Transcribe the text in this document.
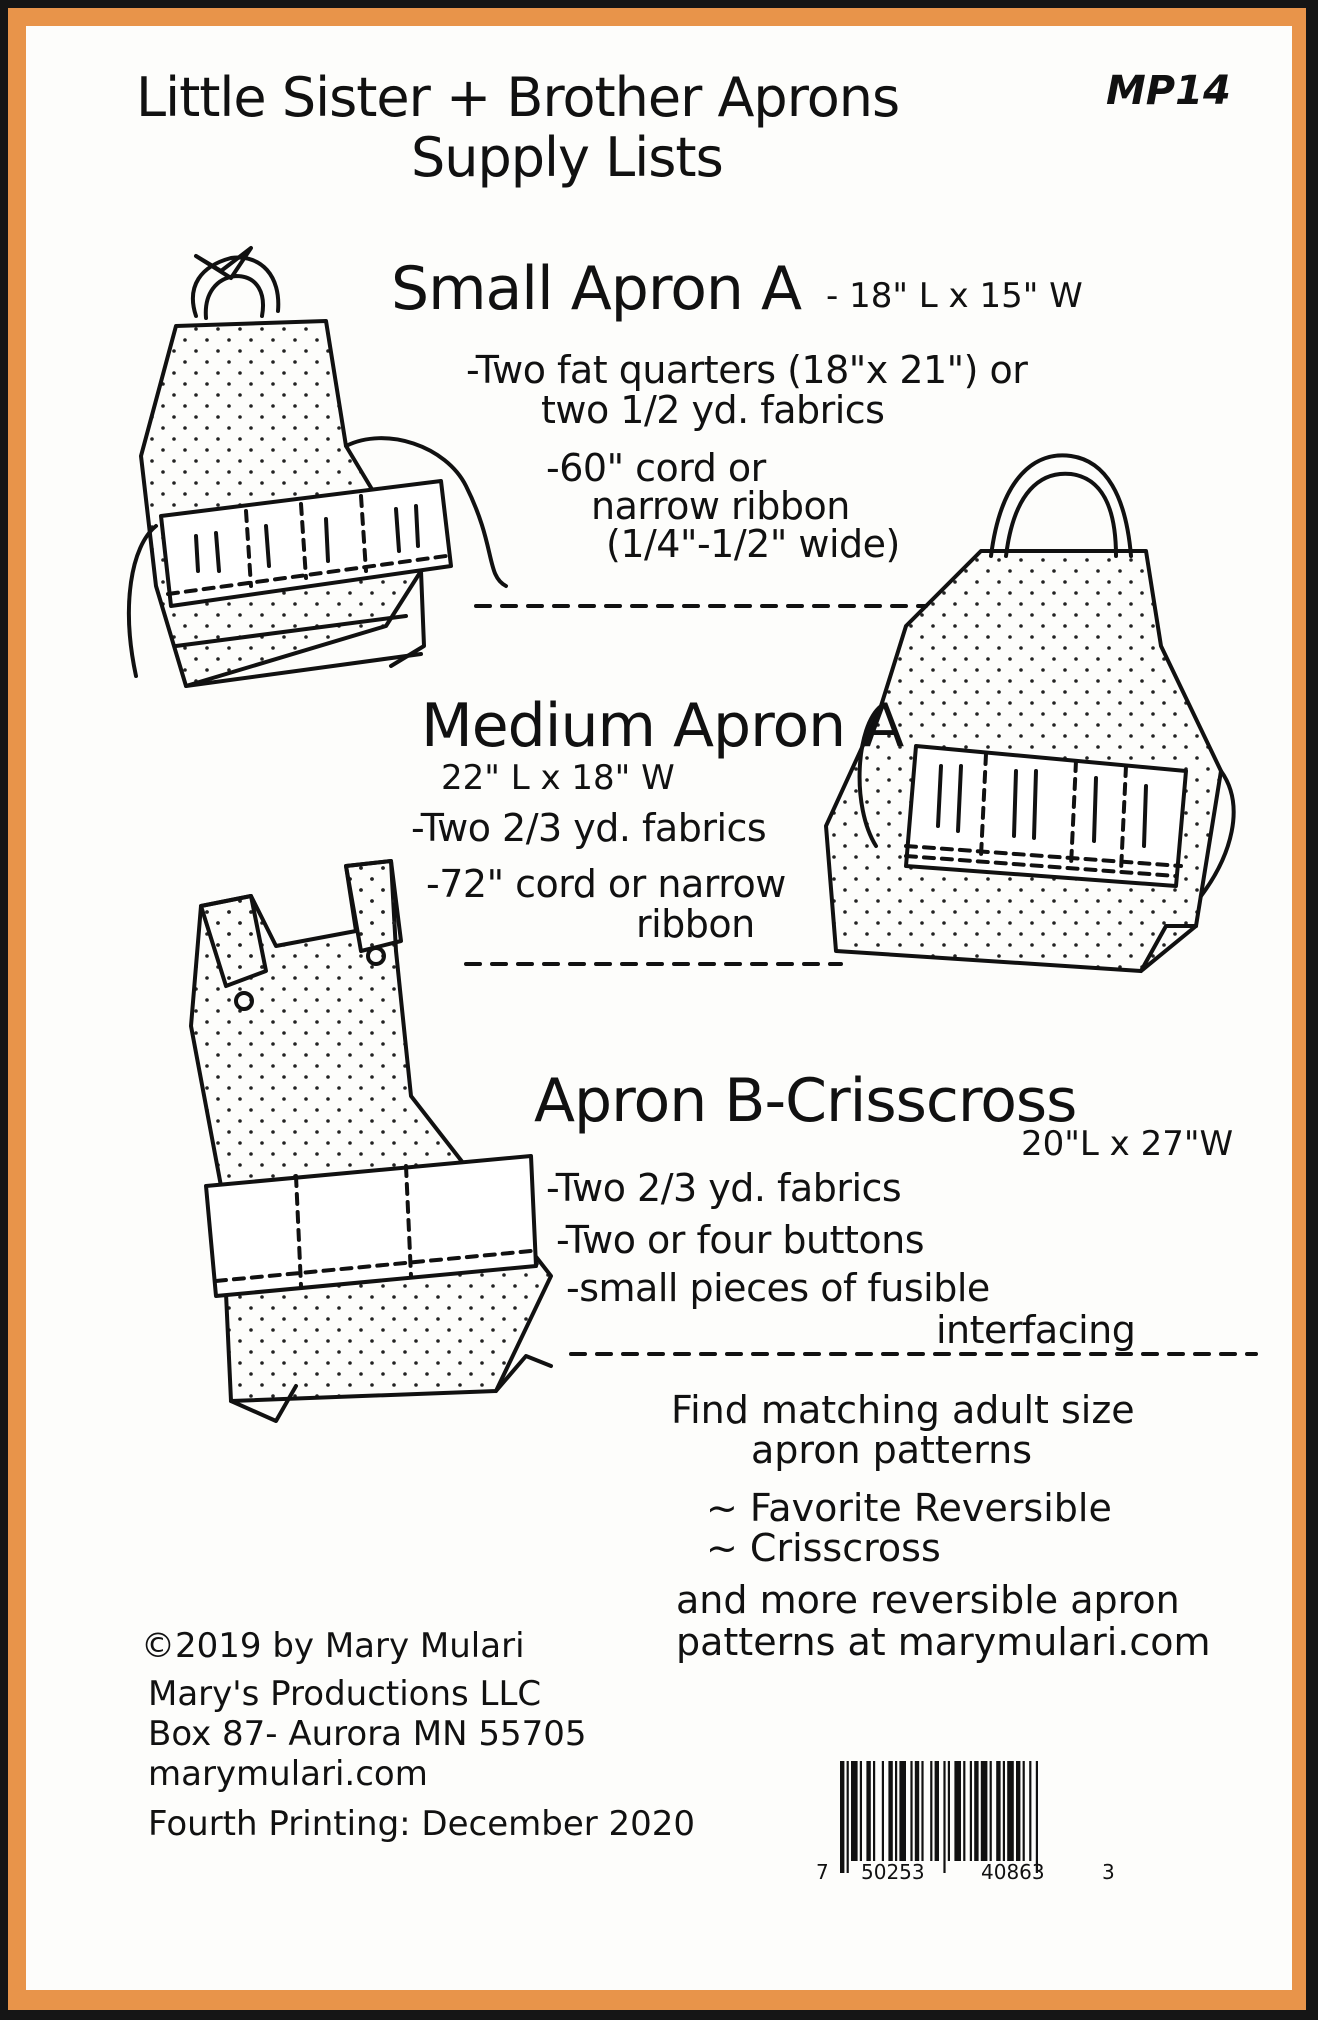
Little Sister + Brother Aprons
Supply Lists
MP14
Small Apron A - 18" L x 15" W
-Two fat quarters (18"x 21") or
two 1/2 yd. fabrics
-60" cord or
narrow ribbon
(1/4"-1/2" wide)
Medium Apron A
22" L x 18" W
-Two 2/3 yd. fabrics
-72" cord or narrow
ribbon
Apron B-Crisscross
20"L x 27"W
-Two 2/3 yd. fabrics
-Two or four buttons
-small pieces of fusible
interfacing
Find matching adult size
apron patterns
~ Favorite Reversible
~ Crisscross
and more reversible apron
patterns at marymulari.com
©2019 by Mary Mulari
Mary's Productions LLC
Box 87- Aurora MN 55705
marymulari.com
Fourth Printing: December 2020
7 50253	40863	3
